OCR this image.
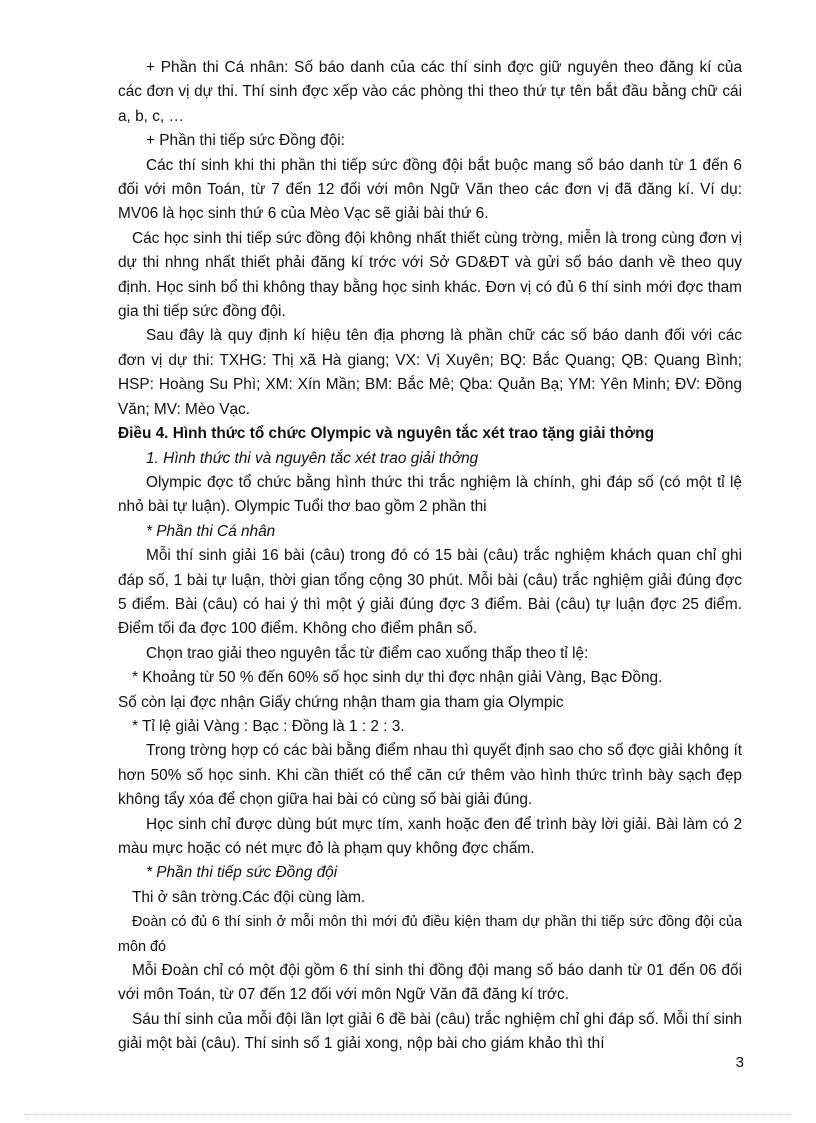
+ Phần thi Cá nhân: Số báo danh của các thí sinh đợc giữ nguyên theo đăng kí của các đơn vị dự thi. Thí sinh đợc xếp vào các phòng thi theo thứ tự tên bắt đầu bằng chữ cái a, b, c, …

+ Phần thi tiếp sức Đồng đội:

Các thí sinh khi thi phần thi tiếp sức đồng đội bắt buộc mang số báo danh từ 1 đến 6 đối với môn Toán, từ 7 đến 12 đối với môn Ngữ Văn theo các đơn vị đã đăng kí. Ví dụ: MV06 là học sinh thứ 6 của Mèo Vạc sẽ giải bài thứ 6.

Các học sinh thi tiếp sức đồng đội không nhất thiết cùng trờng, miễn là trong cùng đơn vị dự thi nhng nhất thiết phải đăng kí trớc với Sở GD&ĐT và gửi số báo danh về theo quy định. Học sinh bổ thi không thay bằng học sinh khác. Đơn vị có đủ 6 thí sinh mới đợc tham gia thi tiếp sức đồng đội.

Sau đây là quy định kí hiệu tên địa phơng là phần chữ các số báo danh đối với các đơn vị dự thi: TXHG: Thị xã Hà giang; VX: Vị Xuyên; BQ: Bắc Quang; QB: Quang Bình; HSP: Hoàng Su Phì; XM: Xín Mần; BM: Bắc Mê; Qba: Quản Bạ; YM: Yên Minh; ĐV: Đồng Văn; MV: Mèo Vạc.

Điều 4. Hình thức tổ chức Olympic và nguyên tắc xét trao tặng giải thởng

1. Hình thức thi và nguyên tắc xét trao giải thởng

Olympic đợc tổ chức bằng hình thức thi trắc nghiệm là chính, ghi đáp số (có một tỉ lệ nhỏ bài tự luận). Olympic Tuổi thơ bao gồm 2 phần thi

* Phần thi Cá nhân

Mỗi thí sinh giải 16 bài (câu) trong đó có 15 bài (câu) trắc nghiệm khách quan chỉ ghi đáp số, 1 bài tự luận, thời gian tổng cộng 30 phút. Mỗi bài (câu) trắc nghiệm giải đúng đợc 5 điểm. Bài (câu) có hai ý thì một ý giải đúng đợc 3 điểm. Bài (câu) tự luận đợc 25 điểm. Điểm tối đa đợc 100 điểm. Không cho điểm phân số.

Chọn trao giải theo nguyên tắc từ điểm cao xuống thấp theo tỉ lệ:

* Khoảng từ 50 % đến 60% số học sinh dự thi đợc nhận giải Vàng, Bạc Đồng.

Số còn lại đợc nhận Giấy chứng nhận tham gia tham gia Olympic

* Tỉ lệ giải Vàng : Bạc : Đồng là 1 : 2 : 3.

Trong trờng hợp có các bài bằng điểm nhau thì quyết định sao cho số đợc giải không ít hơn 50% số học sinh. Khi cần thiết có thể căn cứ thêm vào hình thức trình bày sạch đẹp không tẩy xóa để chọn giữa hai bài có cùng số bài giải đúng.

Học sinh chỉ được dùng bút mực tím, xanh hoặc đen để trình bày lời giải. Bài làm có 2 màu mực hoặc có nét mực đỏ là phạm quy không đợc chấm.

* Phần thi tiếp sức Đồng đội

Thi ở sân trờng.Các đội cùng làm.

Đoàn có đủ 6 thí sinh ở mỗi môn thì mới đủ điều kiện tham dự phần thi tiếp sức đồng đội của môn đó

Mỗi Đoàn chỉ có một đội gồm 6 thí sinh thi đồng đội mang số báo danh từ 01 đến 06 đối với môn Toán, từ 07 đến 12 đối với môn Ngữ Văn đã đăng kí trớc.

Sáu thí sinh của mỗi đội lần lợt giải 6 đề bài (câu) trắc nghiệm chỉ ghi đáp số. Mỗi thí sinh giải một bài (câu). Thí sinh số 1 giải xong, nộp bài cho giám khảo thì thí

3
